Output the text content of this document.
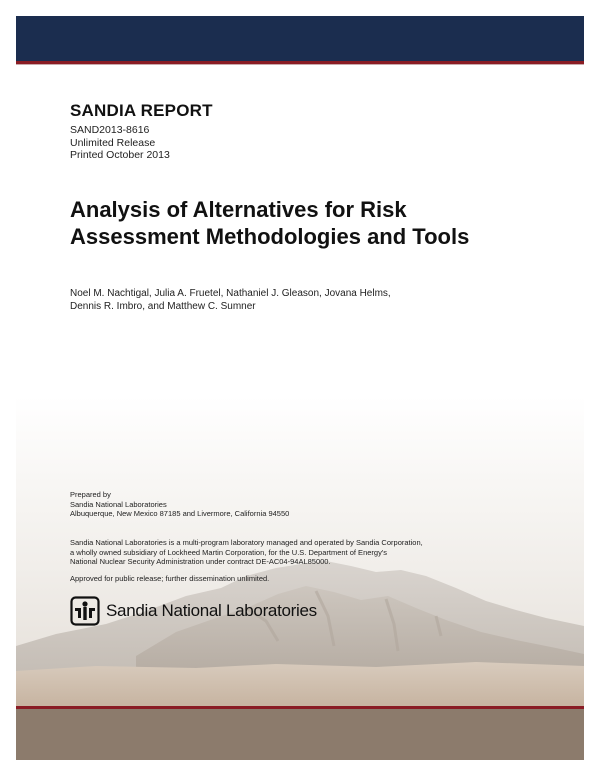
SANDIA REPORT
SAND2013-8616
Unlimited Release
Printed October 2013
Analysis of Alternatives for Risk
Assessment Methodologies and Tools
Noel M. Nachtigal, Julia A. Fruetel, Nathaniel J. Gleason, Jovana Helms,
Dennis R. Imbro, and Matthew C. Sumner
Prepared by
Sandia National Laboratories
Albuquerque, New Mexico 87185 and Livermore, California 94550
Sandia National Laboratories is a multi-program laboratory managed and operated by Sandia Corporation,
a wholly owned subsidiary of Lockheed Martin Corporation, for the U.S. Department of Energy's
National Nuclear Security Administration under contract DE-AC04-94AL85000.
Approved for public release; further dissemination unlimited.
Sandia National Laboratories
